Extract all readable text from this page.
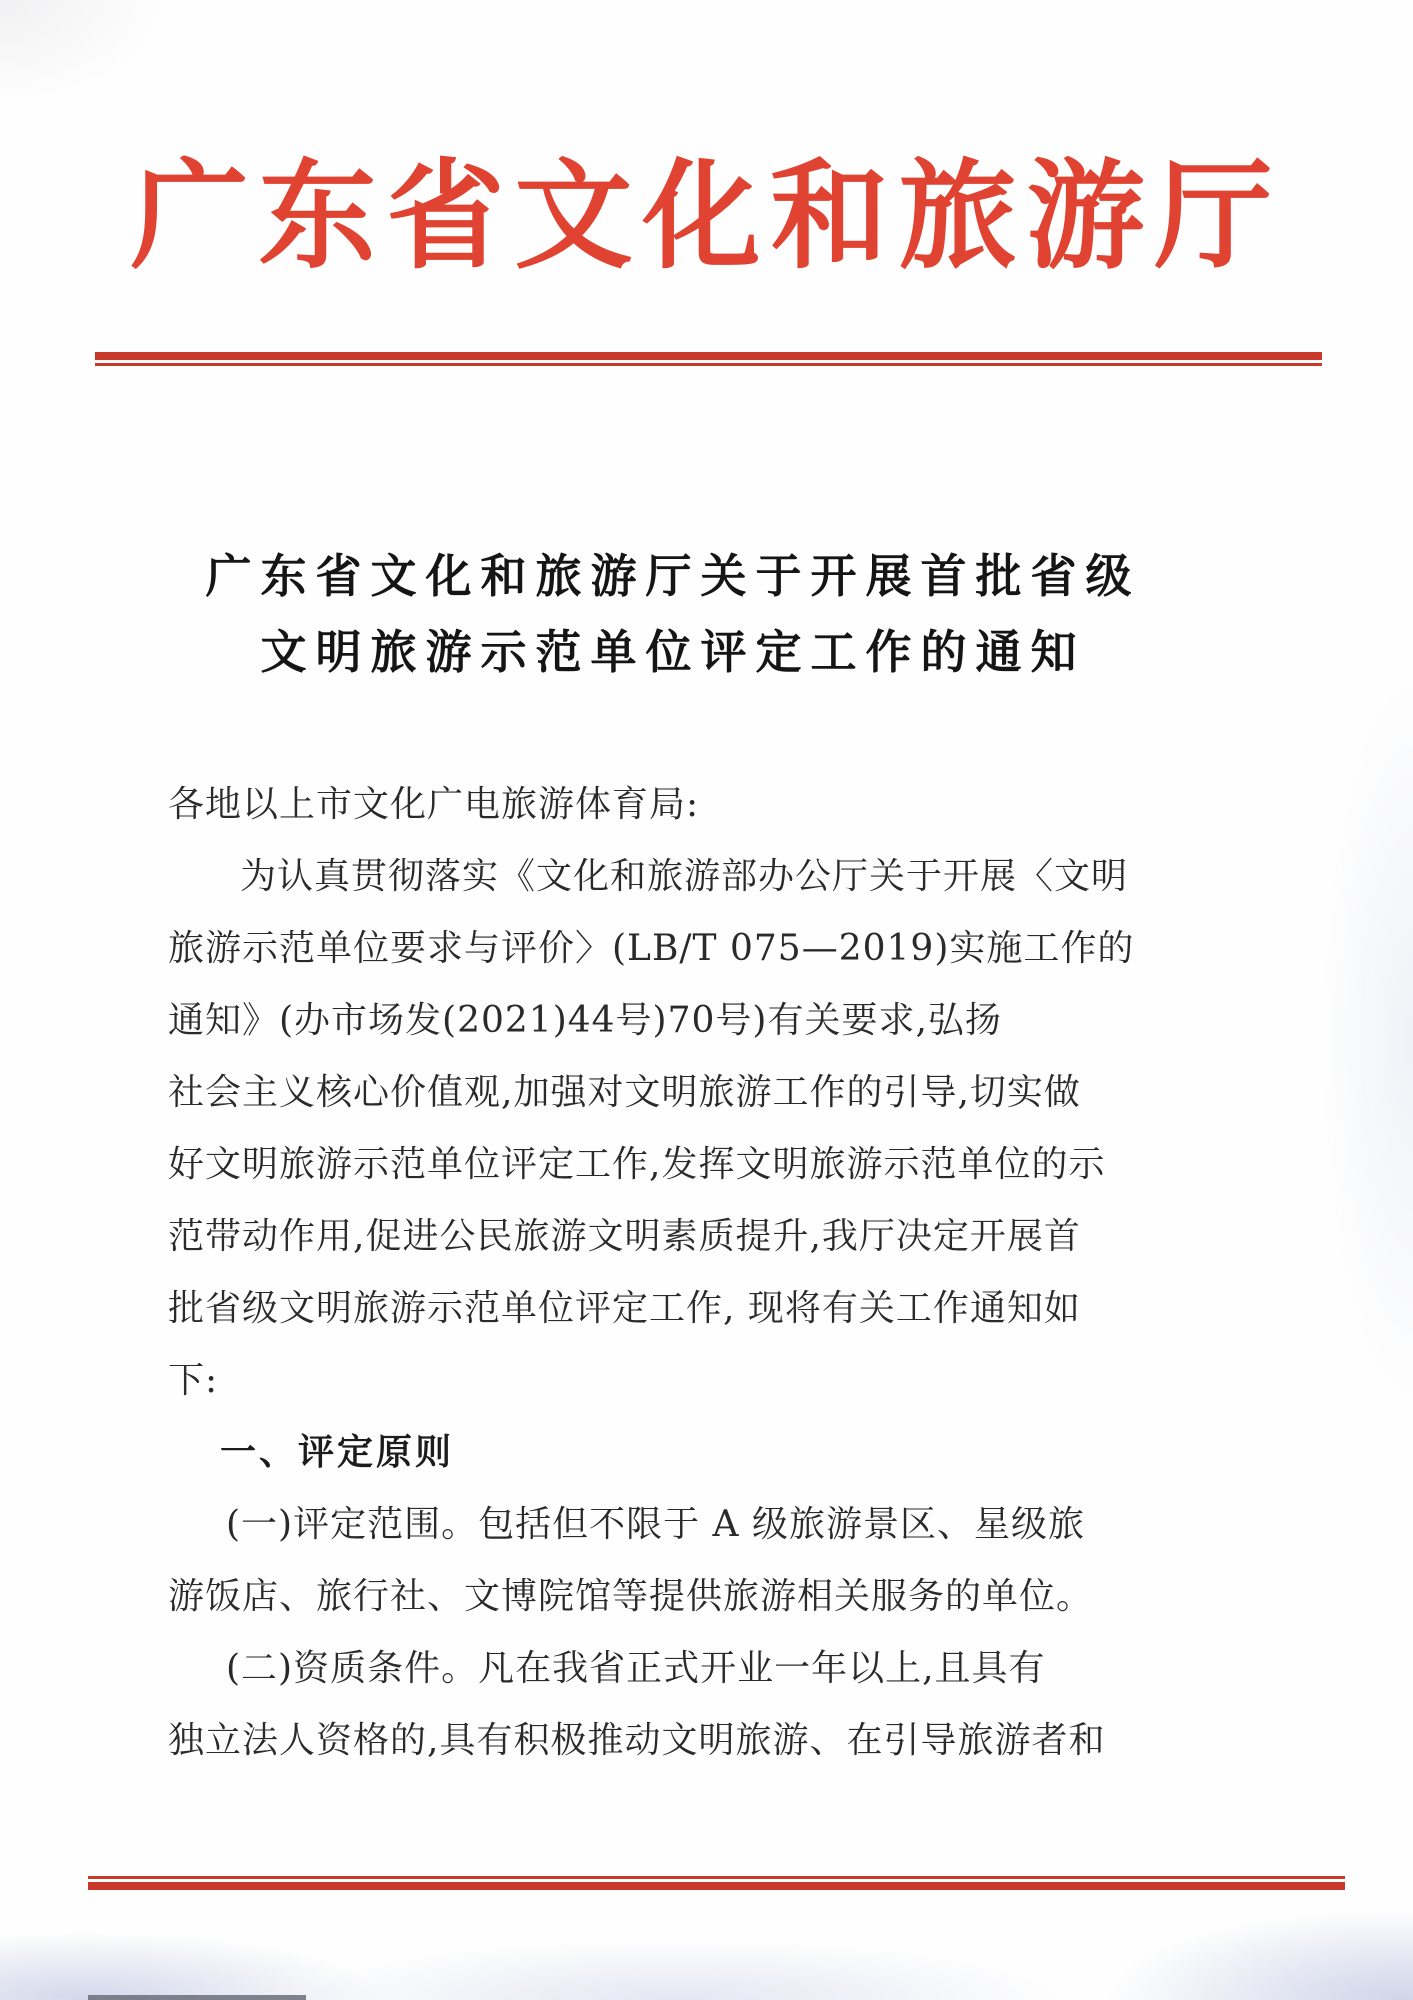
广东省文化和旅游厅
广东省文化和旅游厅关于开展首批省级
文明旅游示范单位评定工作的通知
各地以上市文化广电旅游体育局:
为认真贯彻落实《文化和旅游部办公厅关于开展〈文明
旅游示范单位要求与评价〉(LB/T 075—2019)实施工作的
通知》(办市场发(2021)44号)70号)有关要求,弘扬
社会主义核心价值观,加强对文明旅游工作的引导,切实做
好文明旅游示范单位评定工作,发挥文明旅游示范单位的示
范带动作用,促进公民旅游文明素质提升,我厅决定开展首
批省级文明旅游示范单位评定工作, 现将有关工作通知如
下:
一、评定原则
(一)评定范围。包括但不限于 A 级旅游景区、星级旅
游饭店、旅行社、文博院馆等提供旅游相关服务的单位。
(二)资质条件。凡在我省正式开业一年以上,且具有
独立法人资格的,具有积极推动文明旅游、在引导旅游者和
